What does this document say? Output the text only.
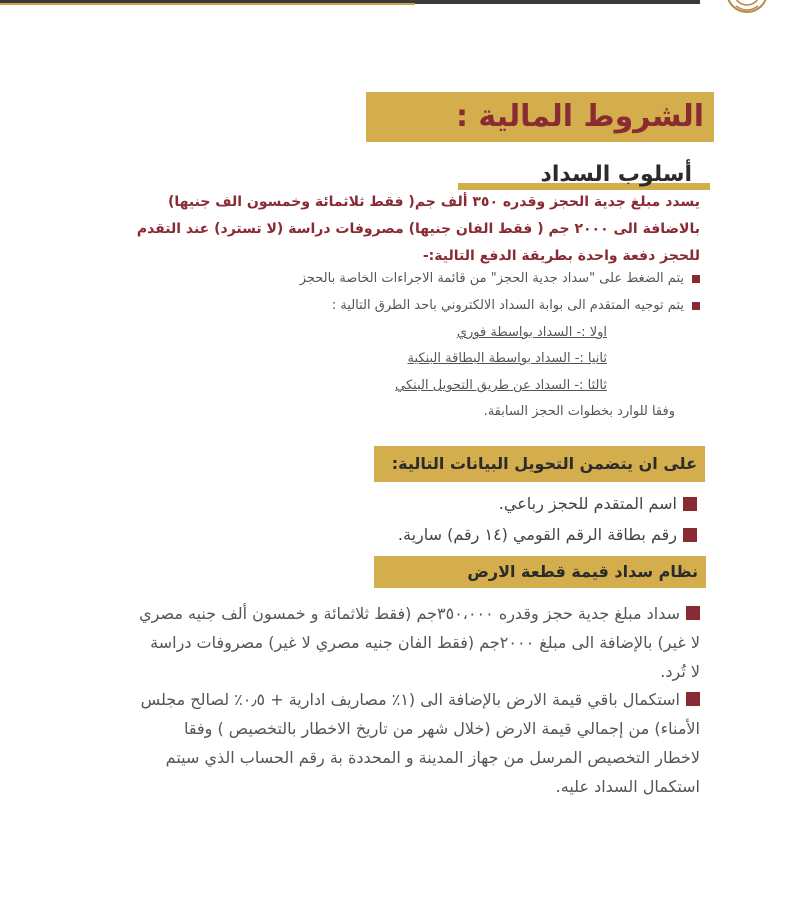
الشروط المالية :
أسلوب السداد
يسدد مبلغ جدية الحجز وقدره ٣٥٠ ألف جم( فقط ثلاثمائة وخمسون الف جنيها)
بالاضافة الى ٢٠٠٠ جم ( فقط الفان جنيها) مصروفات دراسة (لا تسترد) عند التقدم
للحجز دفعة واحدة بطريقة الدفع التالية:-
يتم الضغط على "سداد جدية الحجز" من قائمة الاجراءات الخاصة بالحجز
يتم توجيه المتقدم الى بوابة السداد الالكتروني باحد الطرق التالية :
اولا :- السداد بواسطة فوري
ثانيا :- السداد بواسطة البطاقة البنكية
ثالثا :- السداد عن طريق التحويل البنكي
وفقا للوارد بخطوات الحجز السابقة.
على ان يتضمن التحويل البيانات التالية:
اسم المتقدم للحجز رباعي.
رقم بطاقة الرقم القومي (١٤ رقم) سارية.
نظام سداد قيمة قطعة الارض

سداد مبلغ جدية حجز وقدره ٣٥٠،٠٠٠جم (فقط ثلاثمائة و خمسون ألف جنيه مصري

لا غير) بالإضافة الى مبلغ ٢٠٠٠جم (فقط الفان جنيه مصري لا غير) مصروفات دراسة

لا تُرد.

استكمال باقي قيمة الارض بالإضافة الى (١٪ مصاريف ادارية + ٠٫٥٪ لصالح مجلس

الأمناء) من إجمالي قيمة الارض (خلال شهر من تاريخ الاخطار بالتخصيص ) وفقا

لاخطار التخصيص المرسل من جهاز المدينة و المحددة بة رقم الحساب الذي سيتم

استكمال السداد عليه.
